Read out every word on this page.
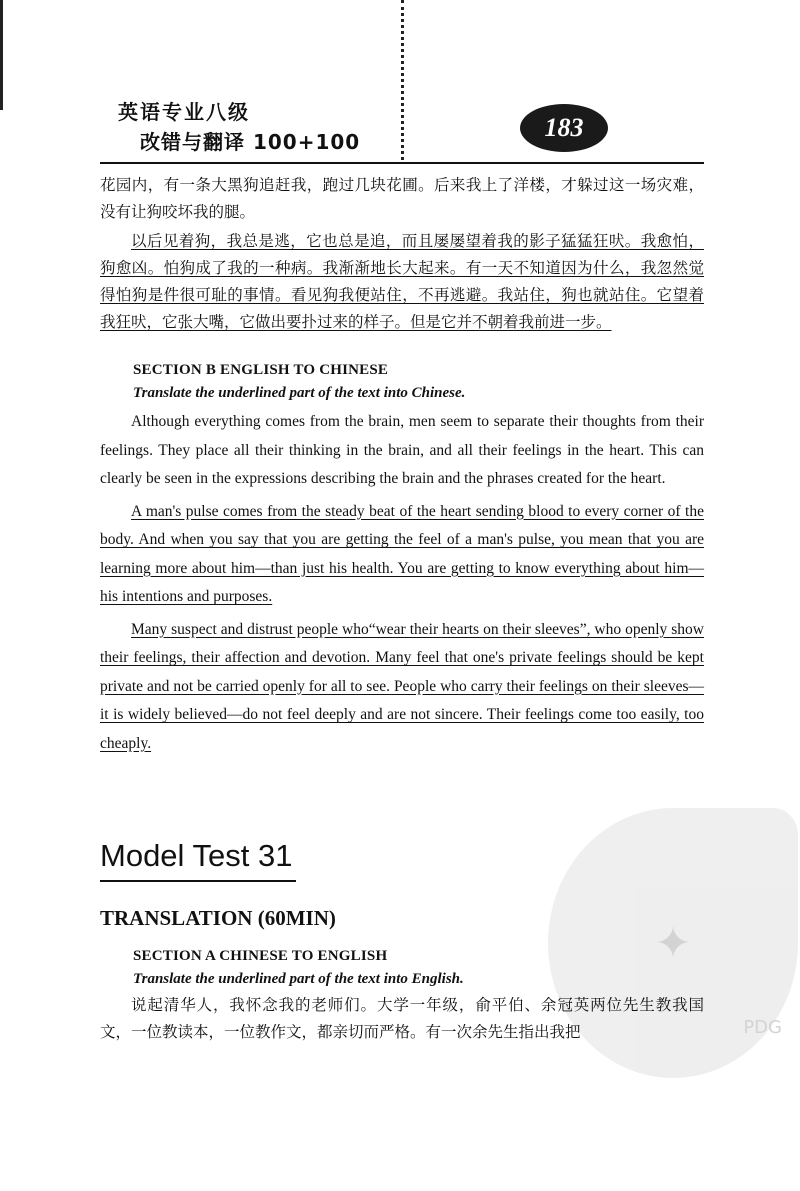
英语专业八级
改错与翻译 100+100	183

花园内，有一条大黑狗追赶我，跑过几块花圃。后来我上了洋楼，才躲过这一场灾难，没有让狗咬坏我的腿。

以后见着狗，我总是逃，它也总是追，而且屡屡望着我的影子猛猛狂吠。我愈怕，狗愈凶。怕狗成了我的一种病。我渐渐地长大起来。有一天不知道因为什么，我忽然觉得怕狗是件很可耻的事情。看见狗我便站住，不再逃避。我站住，狗也就站住。它望着我狂吠，它张大嘴，它做出要扑过来的样子。但是它并不朝着我前进一步。

SECTION B ENGLISH TO CHINESE

Translate the underlined part of the text into Chinese.

Although everything comes from the brain, men seem to separate their thoughts from their feelings. They place all their thinking in the brain, and all their feelings in the heart. This can clearly be seen in the expressions describing the brain and the phrases created for the heart.

A man's pulse comes from the steady beat of the heart sending blood to every corner of the body. And when you say that you are getting the feel of a man's pulse, you mean that you are learning more about him—than just his health. You are getting to know everything about him—his intentions and purposes.

Many suspect and distrust people who“wear their hearts on their sleeves”, who openly show their feelings, their affection and devotion. Many feel that one's private feelings should be kept private and not be carried openly for all to see. People who carry their feelings on their sleeves—it is widely believed—do not feel deeply and are not sincere. Their feelings come too easily, too cheaply.

✦
PDG
Model Test 31
TRANSLATION (60MIN)

SECTION A CHINESE TO ENGLISH

Translate the underlined part of the text into English.

说起清华人，我怀念我的老师们。大学一年级，俞平伯、余冠英两位先生教我国文，一位教读本，一位教作文，都亲切而严格。有一次余先生指出我把
